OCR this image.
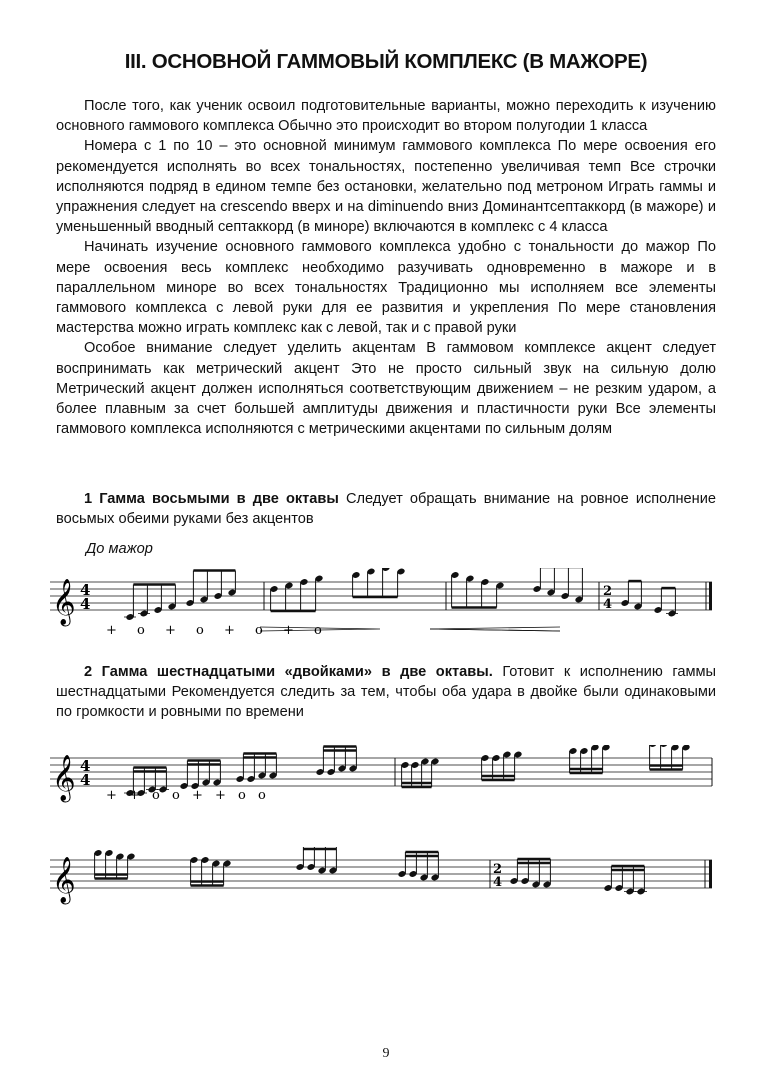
III. ОСНОВНОЙ ГАММОВЫЙ КОМПЛЕКС (В МАЖОРЕ)

После того, как ученик освоил подготовительные варианты, можно переходить к изучению основного гаммового комплекса Обычно это происходит во втором полугодии 1 класса

Номера с 1 по 10 – это основной минимум гаммового комплекса По мере освоения его рекомендуется исполнять во всех тональностях, постепенно увеличивая темп Все строчки исполняются подряд в едином темпе без остановки, желательно под метроном Играть гаммы и упражнения следует на crescendo вверх и на diminuendo вниз Доминантсептаккорд (в мажоре) и уменьшенный вводный септаккорд (в миноре) включаются в комплекс с 4 класса

Начинать изучение основного гаммового комплекса удобно с тональности до мажор По мере освоения весь комплекс необходимо разучивать одновременно в мажоре и в параллельном миноре во всех тональностях Традиционно мы исполняем все элементы гаммового комплекса с левой руки для ее развития и укрепления По мере становления мастерства можно играть комплекс как с левой, так и с правой руки

Особое внимание следует уделить акцентам В гаммовом комплексе акцент следует воспринимать как метрический акцент Это не просто сильный звук на сильную долю Метрический акцент должен исполняться соответствующим движением – не резким ударом, а более плавным за счет большей амплитуды движения и пластичности руки Все элементы гаммового комплекса исполняются с метрическими акцентами по сильным долям

1 Гамма восьмыми в две октавы Следует обращать внимание на ровное исполнение восьмых обеими руками без акцентов

До мажор
𝄞 4
4
2
4
+ o + o + o + o

2 Гамма шестнадцатыми «двойками» в две октавы. Готовит к исполнению гаммы шестнадцатыми Рекомендуется следить за тем, чтобы оба удара в двойке были одинаковыми по громкости и ровными по времени

𝄞 4
4
+ + o o + + o o
𝄞	2
4
9
